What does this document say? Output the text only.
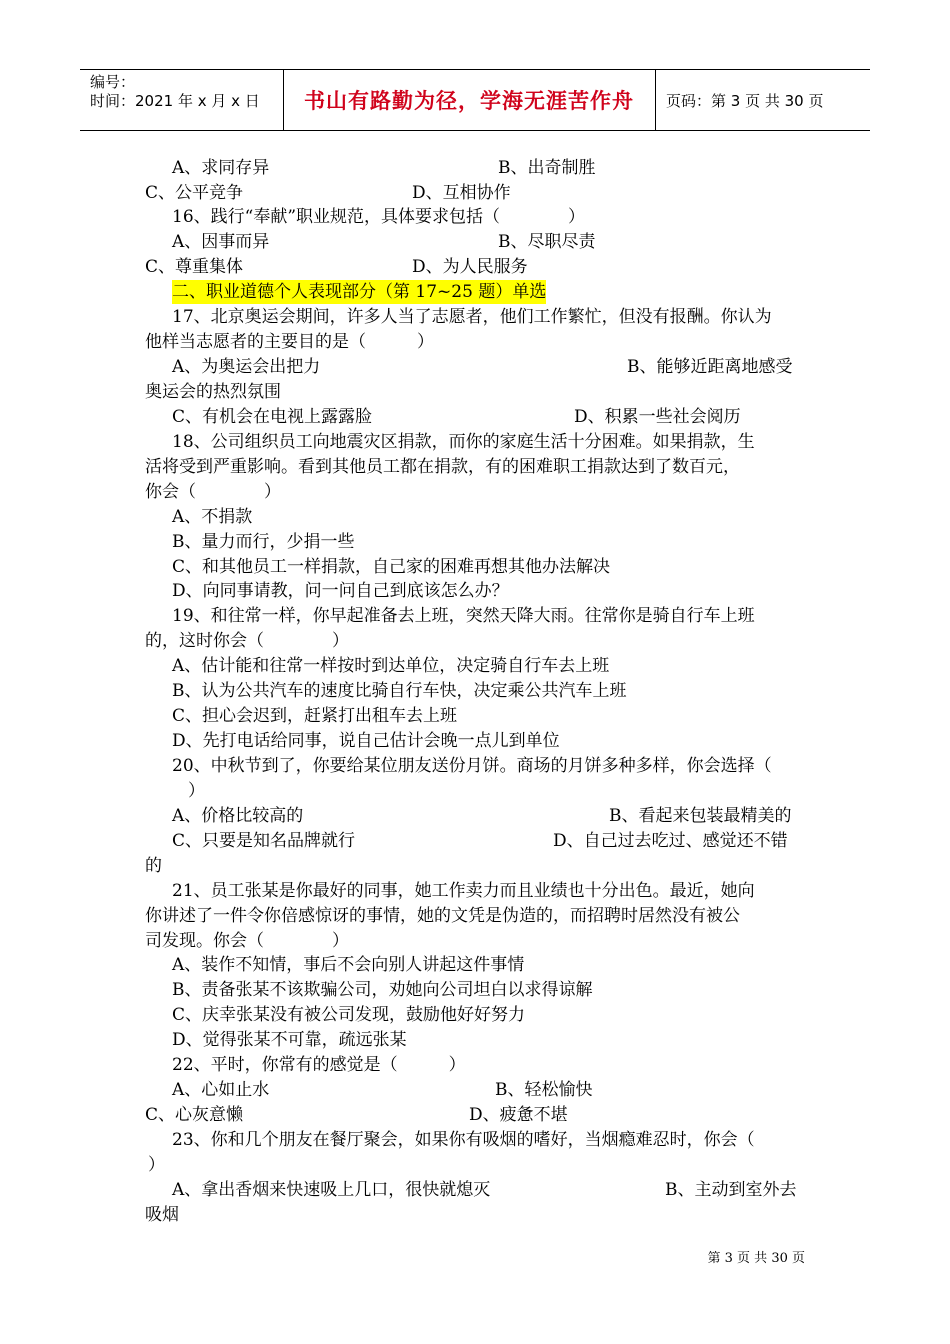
编号：
时间：2021 年 x 月 x 日	书山有路勤为径，学海无涯苦作舟	页码：第 3 页 共 30 页
A、求同存异	B、出奇制胜
C、公平竞争	D、互相协作
16、践行“奉献”职业规范，具体要求包括（　　　　）
A、因事而异	B、尽职尽责
C、尊重集体	D、为人民服务
二、职业道德个人表现部分（第 17~25 题）单选
17、北京奥运会期间，许多人当了志愿者，他们工作繁忙，但没有报酬。你认为
他样当志愿者的主要目的是（　　　）
A、为奥运会出把力	B、能够近距离地感受
奥运会的热烈氛围
C、有机会在电视上露露脸	D、积累一些社会阅历
18、公司组织员工向地震灾区捐款，而你的家庭生活十分困难。如果捐款，生
活将受到严重影响。看到其他员工都在捐款，有的困难职工捐款达到了数百元，
你会（　　　　）
A、不捐款
B、量力而行，少捐一些
C、和其他员工一样捐款，自己家的困难再想其他办法解决
D、向同事请教，问一问自己到底该怎么办？
19、和往常一样，你早起准备去上班，突然天降大雨。往常你是骑自行车上班
的，这时你会（　　　　）
A、估计能和往常一样按时到达单位，决定骑自行车去上班
B、认为公共汽车的速度比骑自行车快，决定乘公共汽车上班
C、担心会迟到，赶紧打出租车去上班
D、先打电话给同事，说自己估计会晚一点儿到单位
20、中秋节到了，你要给某位朋友送份月饼。商场的月饼多种多样，你会选择（
）
A、价格比较高的	B、看起来包装最精美的
C、只要是知名品牌就行	D、自己过去吃过、感觉还不错
的
21、员工张某是你最好的同事，她工作卖力而且业绩也十分出色。最近，她向
你讲述了一件令你倍感惊讶的事情，她的文凭是伪造的，而招聘时居然没有被公
司发现。你会（　　　　）
A、装作不知情，事后不会向别人讲起这件事情
B、责备张某不该欺骗公司，劝她向公司坦白以求得谅解
C、庆幸张某没有被公司发现，鼓励他好好努力
D、觉得张某不可靠，疏远张某
22、平时，你常有的感觉是（　　　）
A、心如止水	B、轻松愉快
C、心灰意懒	D、疲惫不堪
23、你和几个朋友在餐厅聚会，如果你有吸烟的嗜好，当烟瘾难忍时，你会（
）
A、拿出香烟来快速吸上几口，很快就熄灭	B、主动到室外去
吸烟
第 3 页 共 30 页
